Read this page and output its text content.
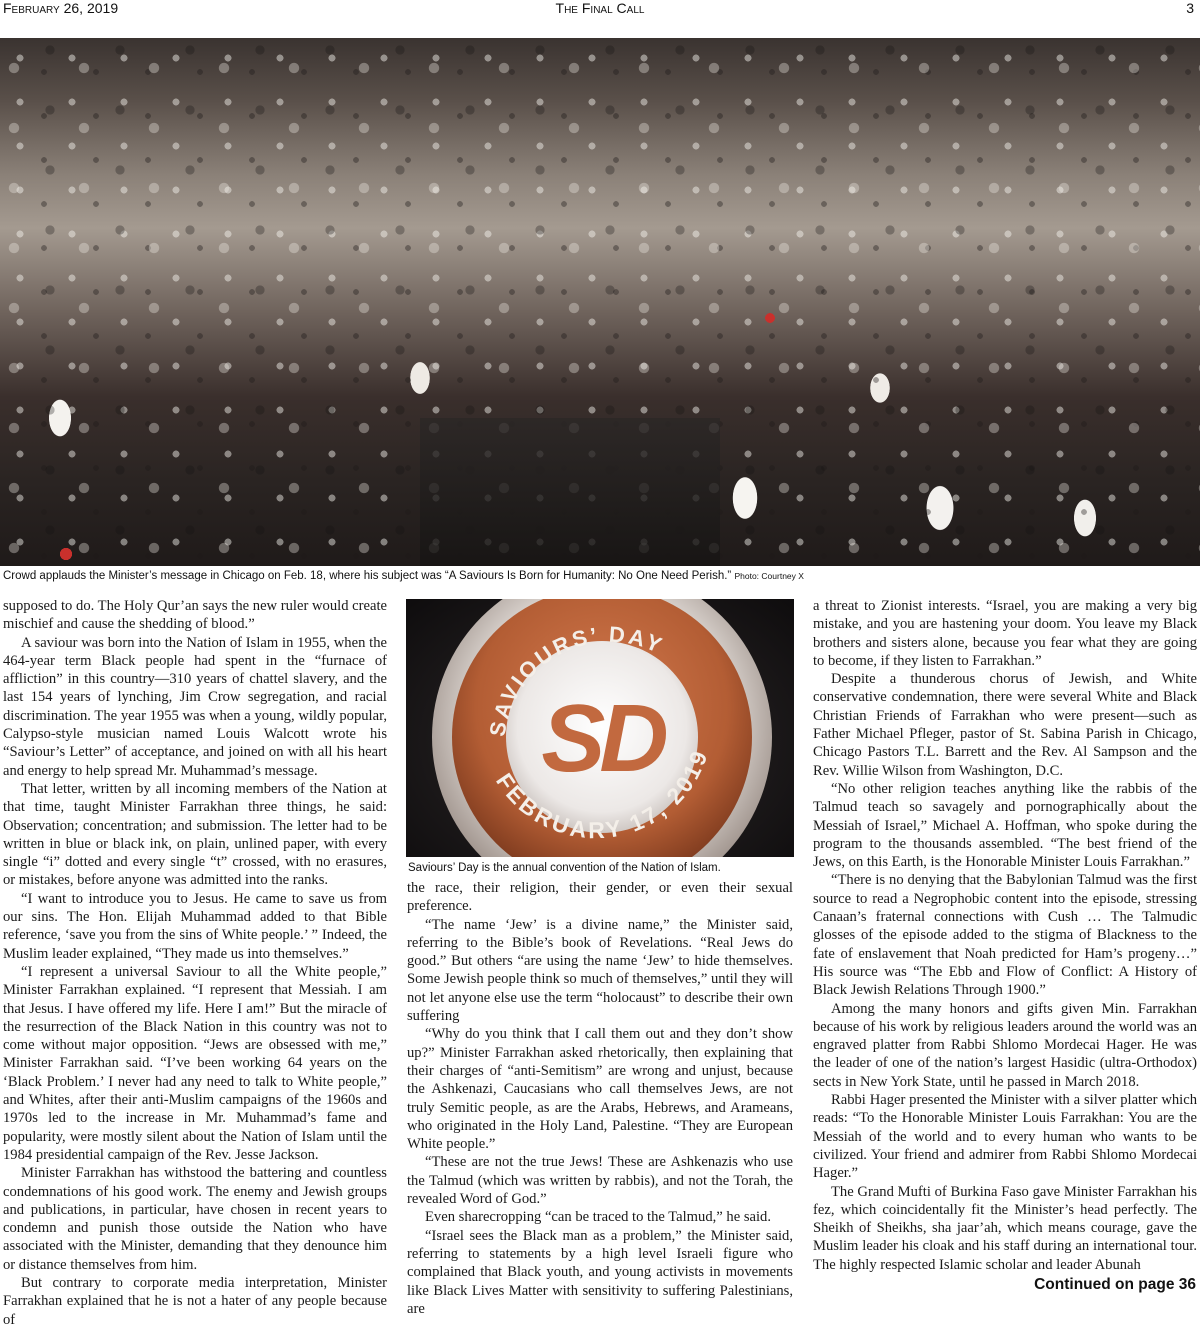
February 26, 2019	The Final Call	3
Crowd applauds the Minister’s message in Chicago on Feb. 18, where his subject was “A Saviours Is Born for Humanity: No One Need Perish.” Photo: Courtney X

supposed to do. The Holy Qur’an says the new ruler would create mischief and cause the shedding of blood.”

A saviour was born into the Nation of Islam in 1955, when the 464-year term Black people had spent in the “furnace of affliction” in this country—310 years of chattel slavery, and the last 154 years of lynching, Jim Crow segregation, and racial discrimination. The year 1955 was when a young, wildly popular, Calypso-style musician named Louis Walcott wrote his “Saviour’s Letter” of acceptance, and joined on with all his heart and energy to help spread Mr. Muhammad’s message.

That letter, written by all incoming members of the Nation at that time, taught Minister Farrakhan three things, he said: Observation; concentration; and submission. The letter had to be written in blue or black ink, on plain, unlined paper, with every single “i” dotted and every single “t” crossed, with no erasures, or mistakes, before anyone was admitted into the ranks.

“I want to introduce you to Jesus. He came to save us from our sins. The Hon. Elijah Muhammad added to that Bible reference, ‘save you from the sins of White people.’ ” Indeed, the Muslim leader explained, “They made us into themselves.”

“I represent a universal Saviour to all the White people,” Minister Farrakhan explained. “I represent that Messiah. I am that Jesus. I have offered my life. Here I am!” But the miracle of the resurrection of the Black Nation in this country was not to come without major opposition. “Jews are obsessed with me,” Minister Farrakhan said. “I’ve been working 64 years on the ‘Black Problem.’ I never had any need to talk to White people,” and Whites, after their anti-Muslim campaigns of the 1960s and 1970s led to the increase in Mr. Muhammad’s fame and popularity, were mostly silent about the Nation of Islam until the 1984 presidential campaign of the Rev. Jesse Jackson.

Minister Farrakhan has withstood the battering and countless condemnations of his good work. The enemy and Jewish groups and publications, in particular, have chosen in recent years to condemn and punish those outside the Nation who have associated with the Minister, demanding that they denounce him or distance themselves from him.

But contrary to corporate media interpretation, Minister Farrakhan explained that he is not a hater of any people because of

SAVIOURS’ DAY
FEBRUARY 17, 2019
SD
Saviours’ Day is the annual convention of the Nation of Islam.

the race, their religion, their gender, or even their sexual preference.

“The name ‘Jew’ is a divine name,” the Minister said, referring to the Bible’s book of Revelations. “Real Jews do good.” But others “are using the name ‘Jew’ to hide themselves. Some Jewish people think so much of themselves,” until they will not let anyone else use the term “holocaust” to describe their own suffering

“Why do you think that I call them out and they don’t show up?” Minister Farrakhan asked rhetorically, then explaining that their charges of “anti-Semitism” are wrong and unjust, because the Ashkenazi, Caucasians who call themselves Jews, are not truly Semitic people, as are the Arabs, Hebrews, and Arameans, who originated in the Holy Land, Palestine. “They are European White people.”

“These are not the true Jews! These are Ashkenazis who use the Talmud (which was written by rabbis), and not the Torah, the revealed Word of God.”

Even sharecropping “can be traced to the Talmud,” he said.

“Israel sees the Black man as a problem,” the Minister said, referring to statements by a high level Israeli figure who complained that Black youth, and young activists in movements like Black Lives Matter with sensitivity to suffering Palestinians, are

a threat to Zionist interests. “Israel, you are making a very big mistake, and you are hastening your doom. You leave my Black brothers and sisters alone, because you fear what they are going to become, if they listen to Farrakhan.”

Despite a thunderous chorus of Jewish, and White conservative condemnation, there were several White and Black Christian Friends of Farrakhan who were present—such as Father Michael Pfleger, pastor of St. Sabina Parish in Chicago, Chicago Pastors T.L. Barrett and the Rev. Al Sampson and the Rev. Willie Wilson from Washington, D.C.

“No other religion teaches anything like the rabbis of the Talmud teach so savagely and pornographically about the Messiah of Israel,” Michael A. Hoffman, who spoke during the program to the thousands assembled. “The best friend of the Jews, on this Earth, is the Honorable Minister Louis Farrakhan.”

“There is no denying that the Babylonian Talmud was the first source to read a Negrophobic content into the episode, stressing Canaan’s fraternal connections with Cush … The Talmudic glosses of the episode added to the stigma of Blackness to the fate of enslavement that Noah predicted for Ham’s progeny…” His source was “The Ebb and Flow of Conflict: A History of Black Jewish Relations Through 1900.”

Among the many honors and gifts given Min. Farrakhan because of his work by religious leaders around the world was an engraved platter from Rabbi Shlomo Mordecai Hager. He was the leader of one of the nation’s largest Hasidic (ultra-Orthodox) sects in New York State, until he passed in March 2018.

Rabbi Hager presented the Minister with a silver platter which reads: “To the Honorable Minister Louis Farrakhan: You are the Messiah of the world and to every human who wants to be civilized. Your friend and admirer from Rabbi Shlomo Mordecai Hager.”

The Grand Mufti of Burkina Faso gave Minister Farrakhan his fez, which coincidentally fit the Minister’s head perfectly. The Sheikh of Sheikhs, sha jaar’ah, which means courage, gave the Muslim leader his cloak and his staff during an international tour. The highly respected Islamic scholar and leader Abunah

Continued on page 36
